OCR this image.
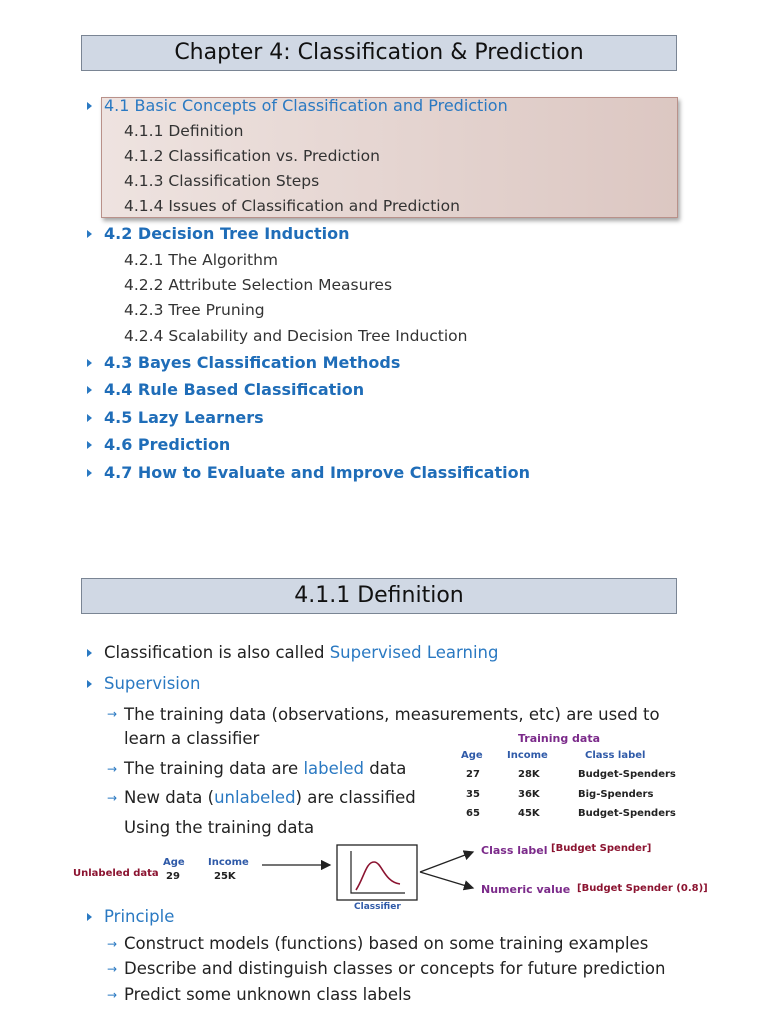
Chapter 4: Classification & Prediction
4.1 Basic Concepts of Classification and Prediction
4.1.1 Definition
4.1.2 Classification vs. Prediction
4.1.3 Classification Steps
4.1.4 Issues of Classification and Prediction
4.2 Decision Tree Induction
4.2.1 The Algorithm
4.2.2 Attribute Selection Measures
4.2.3 Tree Pruning
4.2.4 Scalability and Decision Tree Induction
4.3 Bayes Classification Methods
4.4 Rule Based Classification
4.5 Lazy Learners
4.6 Prediction
4.7 How to Evaluate and Improve Classification
4.1.1 Definition
Classification is also called Supervised Learning
Supervision
→ The training data (observations, measurements, etc) are used to
learn a classifier
→ The training data are labeled data
→ New data (unlabeled) are classified
Using the training data
Training data
Age Income	Class label
27	28K	Budget-Spenders
35	36K	Big-Spenders
65	45K	Budget-Spenders
Unlabeled data
Age Income
29	25K
Classifier
Class label [Budget Spender]
Numeric value [Budget Spender (0.8)]
Principle
→ Construct models (functions) based on some training examples
→ Describe and distinguish classes or concepts for future prediction
→ Predict some unknown class labels
